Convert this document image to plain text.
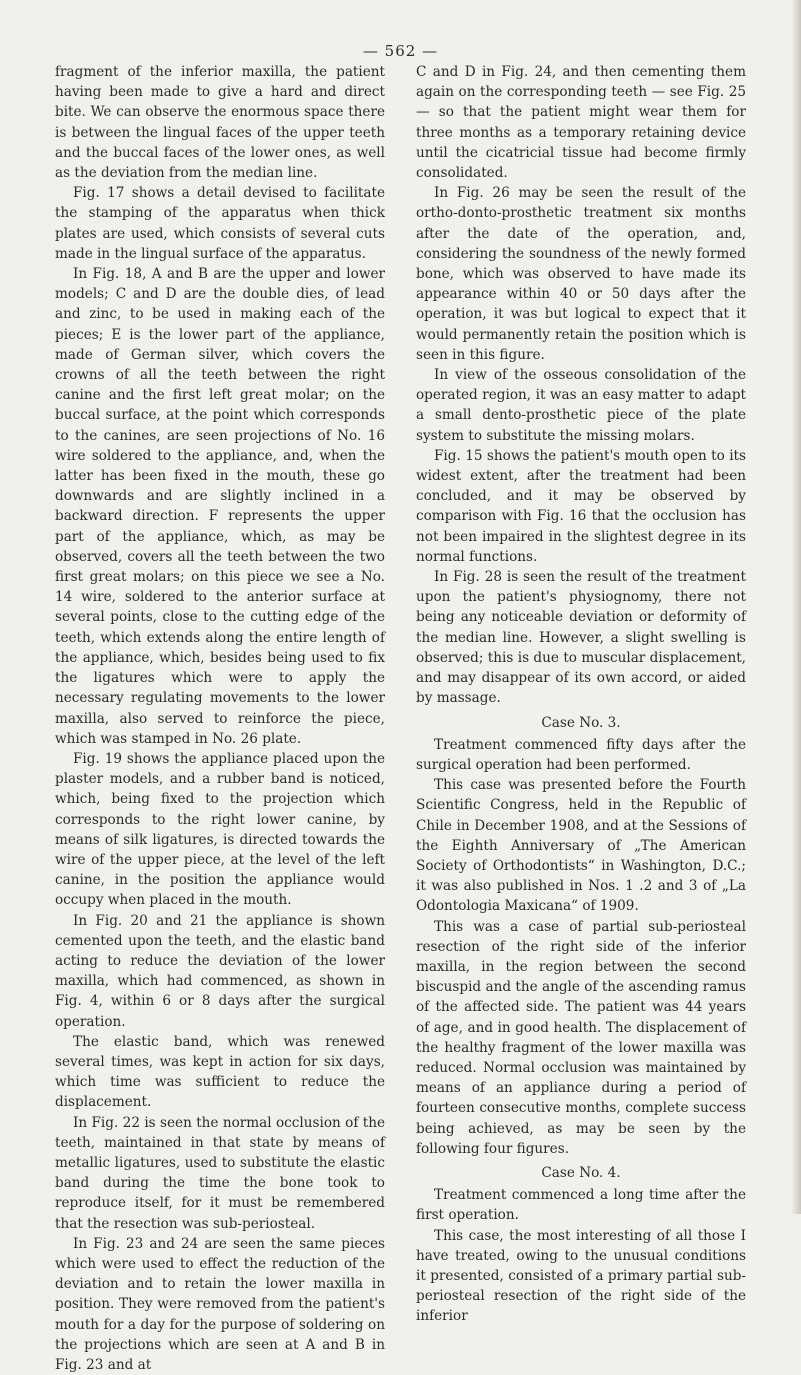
— 562 —

fragment of the inferior maxilla, the patient having been made to give a hard and direct bite. We can observe the enormous space there is between the lingual faces of the upper teeth and the buccal faces of the lower ones, as well as the deviation from the median line.

Fig. 17 shows a detail devised to facilitate the stamping of the apparatus when thick plates are used, which consists of several cuts made in the lingual surface of the apparatus.

In Fig. 18, A and B are the upper and lower models; C and D are the double dies, of lead and zinc, to be used in making each of the pieces; E is the lower part of the appliance, made of German silver, which covers the crowns of all the teeth between the right canine and the first left great molar; on the buccal surface, at the point which corresponds to the canines, are seen projections of No. 16 wire soldered to the appliance, and, when the latter has been fixed in the mouth, these go downwards and are slightly inclined in a backward direction. F represents the upper part of the appliance, which, as may be observed, covers all the teeth between the two first great molars; on this piece we see a No. 14 wire, soldered to the anterior surface at several points, close to the cutting edge of the teeth, which extends along the entire length of the appliance, which, besides being used to fix the ligatures which were to apply the necessary regulating movements to the lower maxilla, also served to reinforce the piece, which was stamped in No. 26 plate.

Fig. 19 shows the appliance placed upon the plaster models, and a rubber band is noticed, which, being fixed to the projection which corresponds to the right lower canine, by means of silk ligatures, is directed towards the wire of the upper piece, at the level of the left canine, in the position the appliance would occupy when placed in the mouth.

In Fig. 20 and 21 the appliance is shown cemented upon the teeth, and the elastic band acting to reduce the deviation of the lower maxilla, which had commenced, as shown in Fig. 4, within 6 or 8 days after the surgical operation.

The elastic band, which was renewed several times, was kept in action for six days, which time was sufficient to reduce the displacement.

In Fig. 22 is seen the normal occlusion of the teeth, maintained in that state by means of metallic ligatures, used to substitute the elastic band during the time the bone took to reproduce itself, for it must be remembered that the resection was sub-periosteal.

In Fig. 23 and 24 are seen the same pieces which were used to effect the reduction of the deviation and to retain the lower maxilla in position. They were removed from the patient's mouth for a day for the purpose of soldering on the projections which are seen at A and B in Fig. 23 and at

C and D in Fig. 24, and then cementing them again on the corresponding teeth — see Fig. 25 — so that the patient might wear them for three months as a temporary retaining device until the cicatricial tissue had become firmly consolidated.

In Fig. 26 may be seen the result of the ortho-donto-prosthetic treatment six months after the date of the operation, and, considering the soundness of the newly formed bone, which was observed to have made its appearance within 40 or 50 days after the operation, it was but logical to expect that it would permanently retain the position which is seen in this figure.

In view of the osseous consolidation of the operated region, it was an easy matter to adapt a small dento-prosthetic piece of the plate system to substitute the missing molars.

Fig. 15 shows the patient's mouth open to its widest extent, after the treatment had been concluded, and it may be observed by comparison with Fig. 16 that the occlusion has not been impaired in the slightest degree in its normal functions.

In Fig. 28 is seen the result of the treatment upon the patient's physiognomy, there not being any noticeable deviation or deformity of the median line. However, a slight swelling is observed; this is due to muscular displacement, and may disappear of its own accord, or aided by massage.

Case No. 3.

Treatment commenced fifty days after the surgical operation had been performed.

This case was presented before the Fourth Scientific Congress, held in the Republic of Chile in December 1908, and at the Sessions of the Eighth Anniversary of „The American Society of Orthodontists“ in Washington, D.C.; it was also published in Nos. 1 .2 and 3 of „La Odontologia Maxicana“ of 1909.

This was a case of partial sub-periosteal resection of the right side of the inferior maxilla, in the region between the second biscuspid and the angle of the ascending ramus of the affected side. The patient was 44 years of age, and in good health. The displacement of the healthy fragment of the lower maxilla was reduced. Normal occlusion was maintained by means of an appliance during a period of fourteen consecutive months, complete success being achieved, as may be seen by the following four figures.

Case No. 4.

Treatment commenced a long time after the first operation.

This case, the most interesting of all those I have treated, owing to the unusual conditions it presented, consisted of a primary partial sub-periosteal resection of the right side of the inferior
